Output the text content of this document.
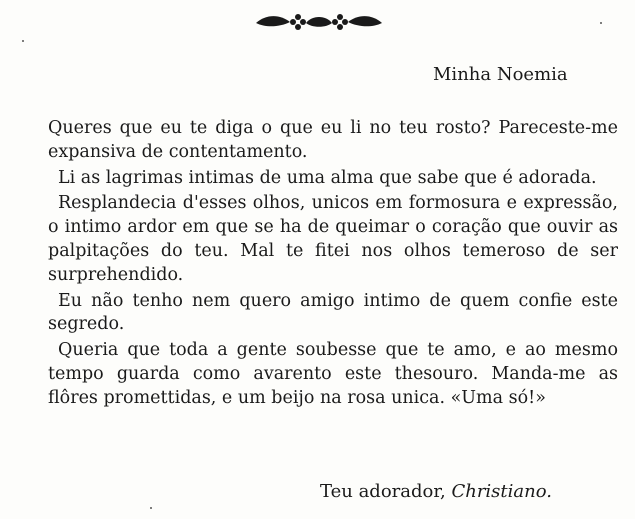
Minha Noemia

Queres que eu te diga o que eu li no teu rosto? Pareceste-me expansiva de contentamento.

Li as lagrimas intimas de uma alma que sabe que é adorada.

Resplandecia d'esses olhos, unicos em formosura e expressão, o intimo ardor em que se ha de queimar o coração que ouvir as palpitações do teu. Mal te fitei nos olhos temeroso de ser surprehendido.

Eu não tenho nem quero amigo intimo de quem confie este segredo.

Queria que toda a gente soubesse que te amo, e ao mesmo tempo guarda como avarento este thesouro. Manda-me as flôres promettidas, e um beijo na rosa unica. «Uma só!»

Teu adorador, Christiano.
